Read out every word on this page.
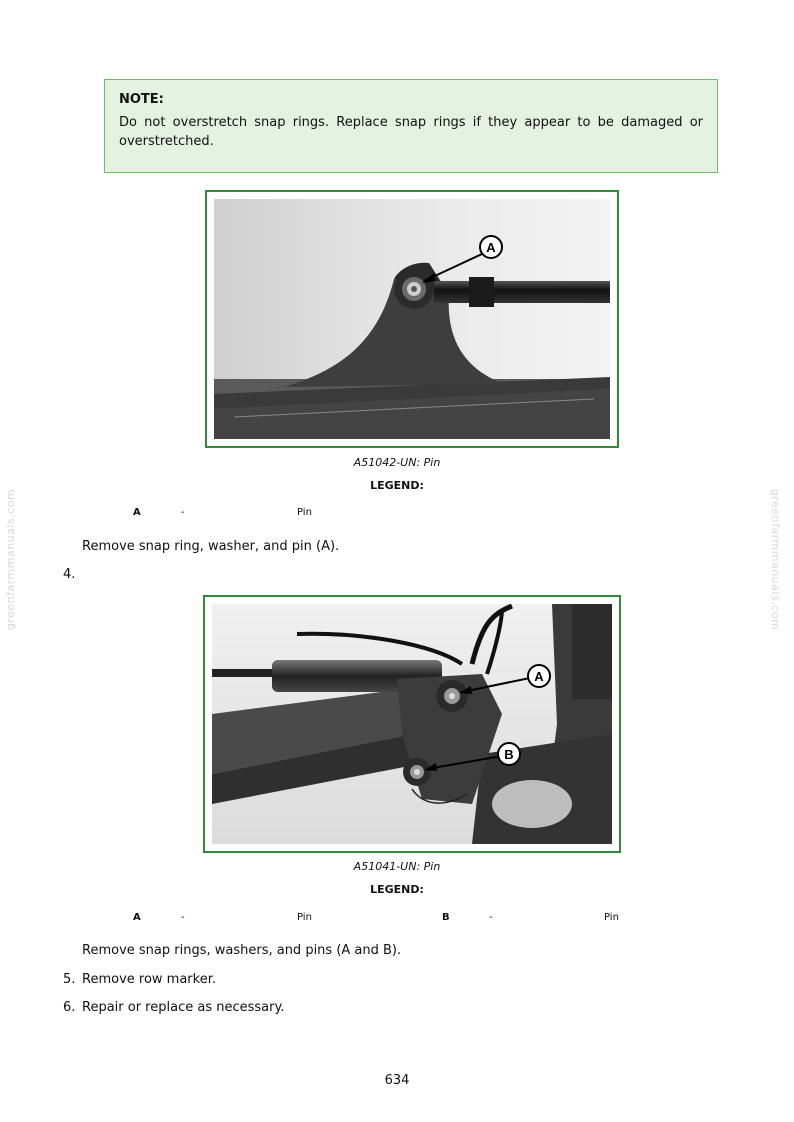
greenfarmmanuals.com	greenfarmmanuals.com
NOTE:
Do not overstretch snap rings. Replace snap rings if they appear to be damaged or overstretched.
A
A51042-UN: Pin
LEGEND:
A	-	Pin
Remove snap ring, washer, and pin (A).
4.
A
B
A51041-UN: Pin
LEGEND:
A	-	Pin	B	-	Pin
Remove snap rings, washers, and pins (A and B).
5. Remove row marker.
6. Repair or replace as necessary.
634
